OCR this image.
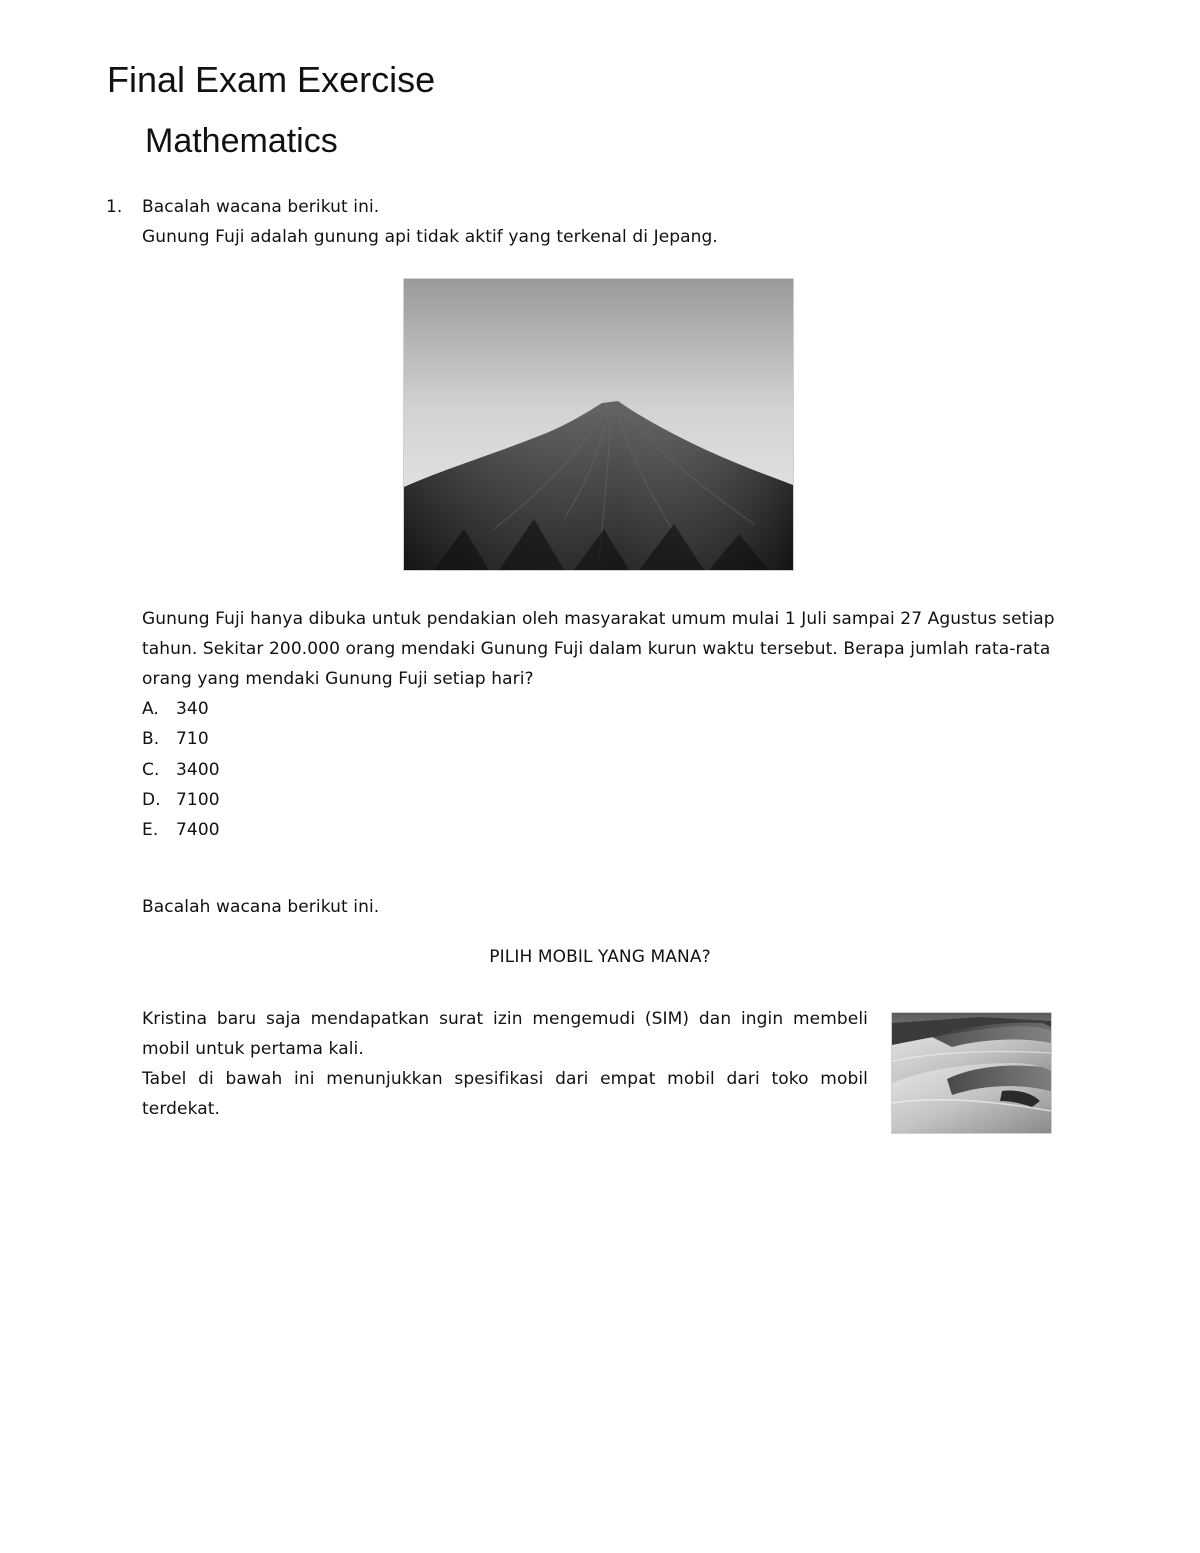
Final Exam Exercise
Mathematics
1. Bacalah wacana berikut ini.
Gunung Fuji adalah gunung api tidak aktif yang terkenal di Jepang.

Gunung Fuji hanya dibuka untuk pendakian oleh masyarakat umum mulai 1 Juli sampai 27 Agustus setiap tahun. Sekitar 200.000 orang mendaki Gunung Fuji dalam kurun waktu tersebut. Berapa jumlah rata-rata orang yang mendaki Gunung Fuji setiap hari?

A.	340
B. 710
C. 3400
D. 7100
E.	7400
Bacalah wacana berikut ini.
PILIH MOBIL YANG MANA?

Kristina baru saja mendapatkan surat izin mengemudi (SIM) dan ingin membeli mobil untuk pertama kali.

Tabel di bawah ini menunjukkan spesifikasi dari empat mobil dari toko mobil terdekat.
